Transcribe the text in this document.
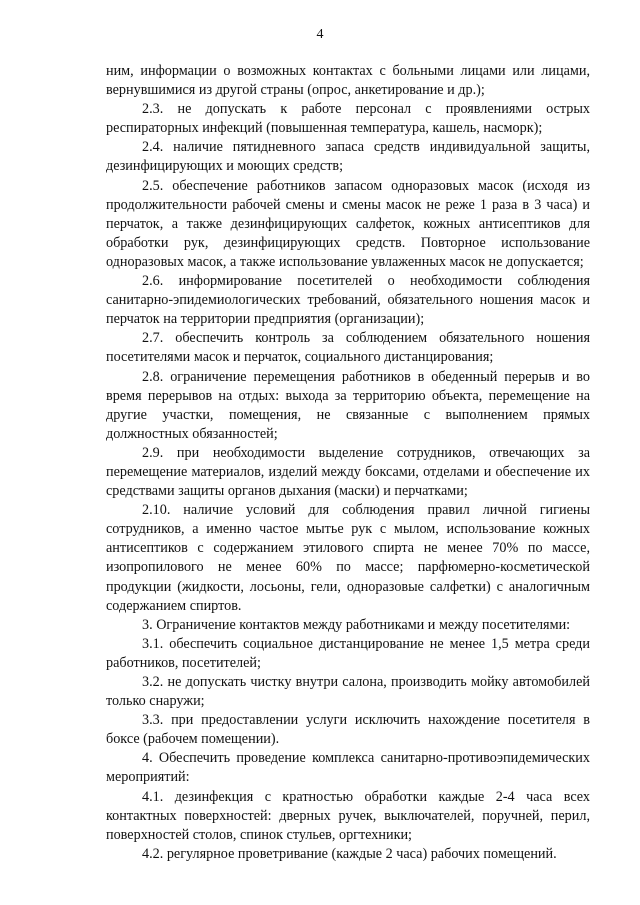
4

ним, информации о возможных контактах с больными лицами или лицами, вернувшимися из другой страны (опрос, анкетирование и др.);

2.3. не допускать к работе персонал с проявлениями острых респираторных инфекций (повышенная температура, кашель, насморк);

2.4. наличие пятидневного запаса средств индивидуальной защиты, дезинфицирующих и моющих средств;

2.5. обеспечение работников запасом одноразовых масок (исходя из продолжительности рабочей смены и смены масок не реже 1 раза в 3 часа) и перчаток, а также дезинфицирующих салфеток, кожных антисептиков для обработки рук, дезинфицирующих средств. Повторное использование одноразовых масок, а также использование увлаженных масок не допускается;

2.6. информирование посетителей о необходимости соблюдения санитарно-эпидемиологических требований, обязательного ношения масок и перчаток на территории предприятия (организации);

2.7. обеспечить контроль за соблюдением обязательного ношения посетителями масок и перчаток, социального дистанцирования;

2.8. ограничение перемещения работников в обеденный перерыв и во время перерывов на отдых: выхода за территорию объекта, перемещение на другие участки, помещения, не связанные с выполнением прямых должностных обязанностей;

2.9. при необходимости выделение сотрудников, отвечающих за перемещение материалов, изделий между боксами, отделами и обеспечение их средствами защиты органов дыхания (маски) и перчатками;

2.10. наличие условий для соблюдения правил личной гигиены сотрудников, а именно частое мытье рук с мылом, использование кожных антисептиков с содержанием этилового спирта не менее 70% по массе, изопропилового не менее 60% по массе; парфюмерно-косметической продукции (жидкости, лосьоны, гели, одноразовые салфетки) с аналогичным содержанием спиртов.

3. Ограничение контактов между работниками и между посетителями:

3.1. обеспечить социальное дистанцирование не менее 1,5 метра среди работников, посетителей;

3.2. не допускать чистку внутри салона, производить мойку автомобилей только снаружи;

3.3. при предоставлении услуги исключить нахождение посетителя в боксе (рабочем помещении).

4. Обеспечить проведение комплекса санитарно-противоэпидемических мероприятий:

4.1. дезинфекция с кратностью обработки каждые 2-4 часа всех контактных поверхностей: дверных ручек, выключателей, поручней, перил, поверхностей столов, спинок стульев, оргтехники;

4.2. регулярное проветривание (каждые 2 часа) рабочих помещений.
